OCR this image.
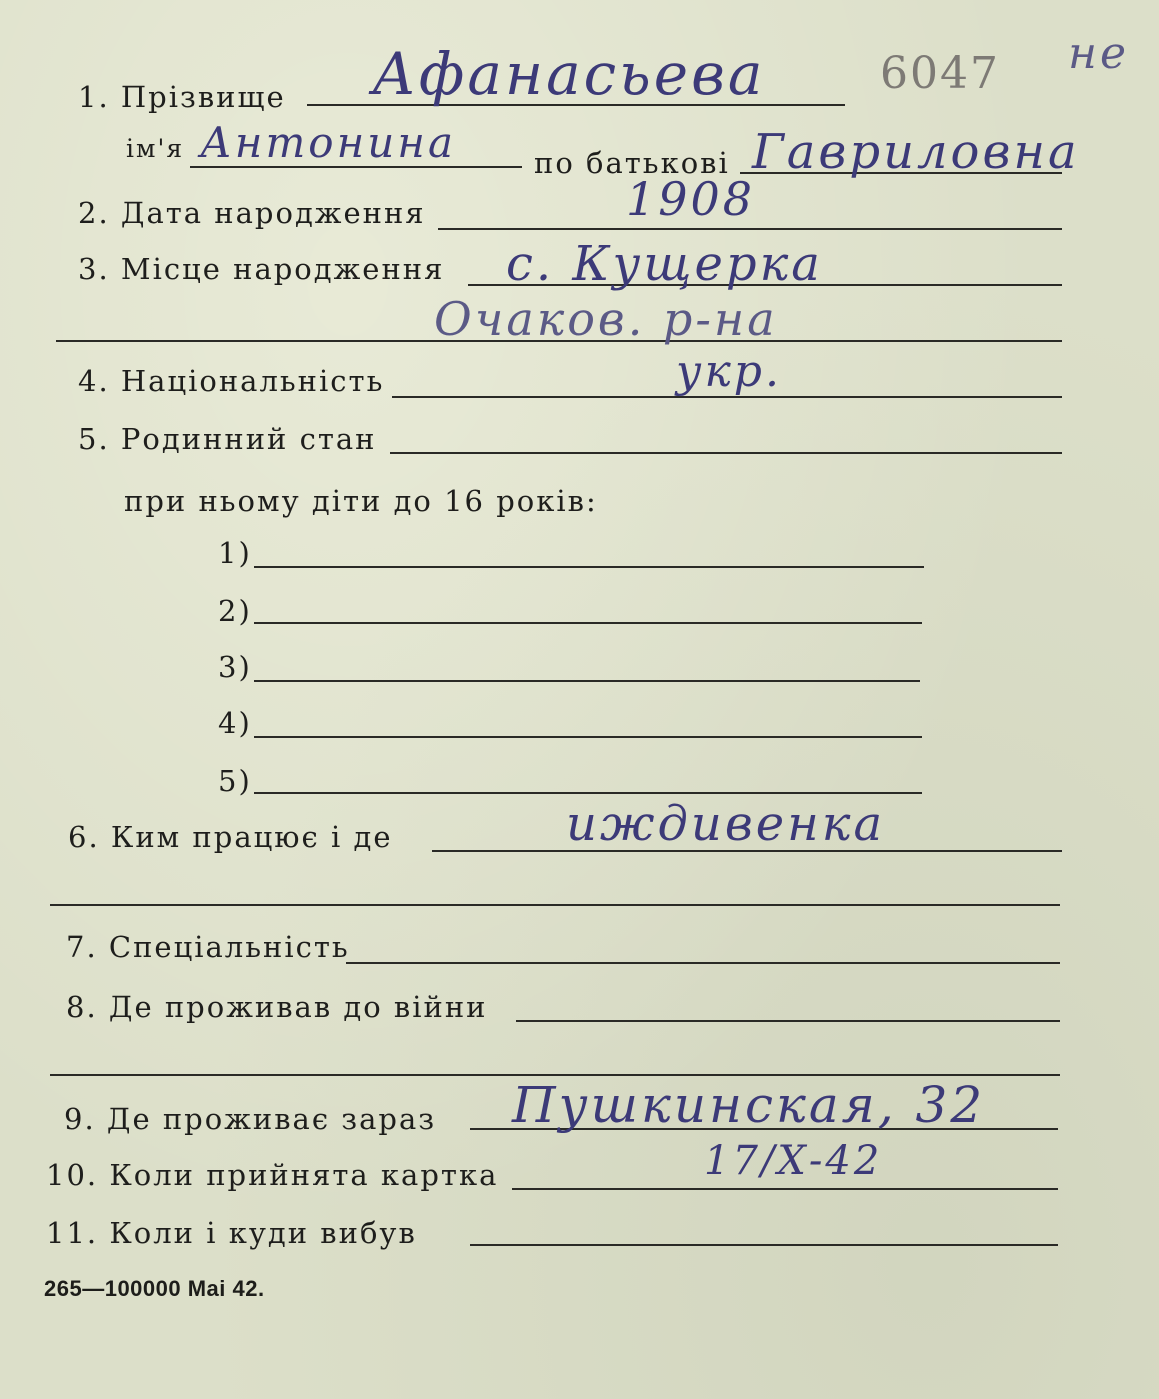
1. Прізвище Афанасьева	6047 не
ім'я Антонина	по батькові Гавриловна
2. Дата народження	1908
3. Місце народження с. Кущерка
Очаков. р-на
4. Національність	укр.
5. Родинний стан
при ньому діти до 16 років:
1)
2)
3)
4)
5)
6. Ким працює і де	иждивенка
7. Спеціальність
8. Де проживав до війни
9. Де проживає зараз Пушкинская, 32
10. Коли прийнята картка	17/Х-42
11. Коли і куди вибув
265—100000 Mai 42.
